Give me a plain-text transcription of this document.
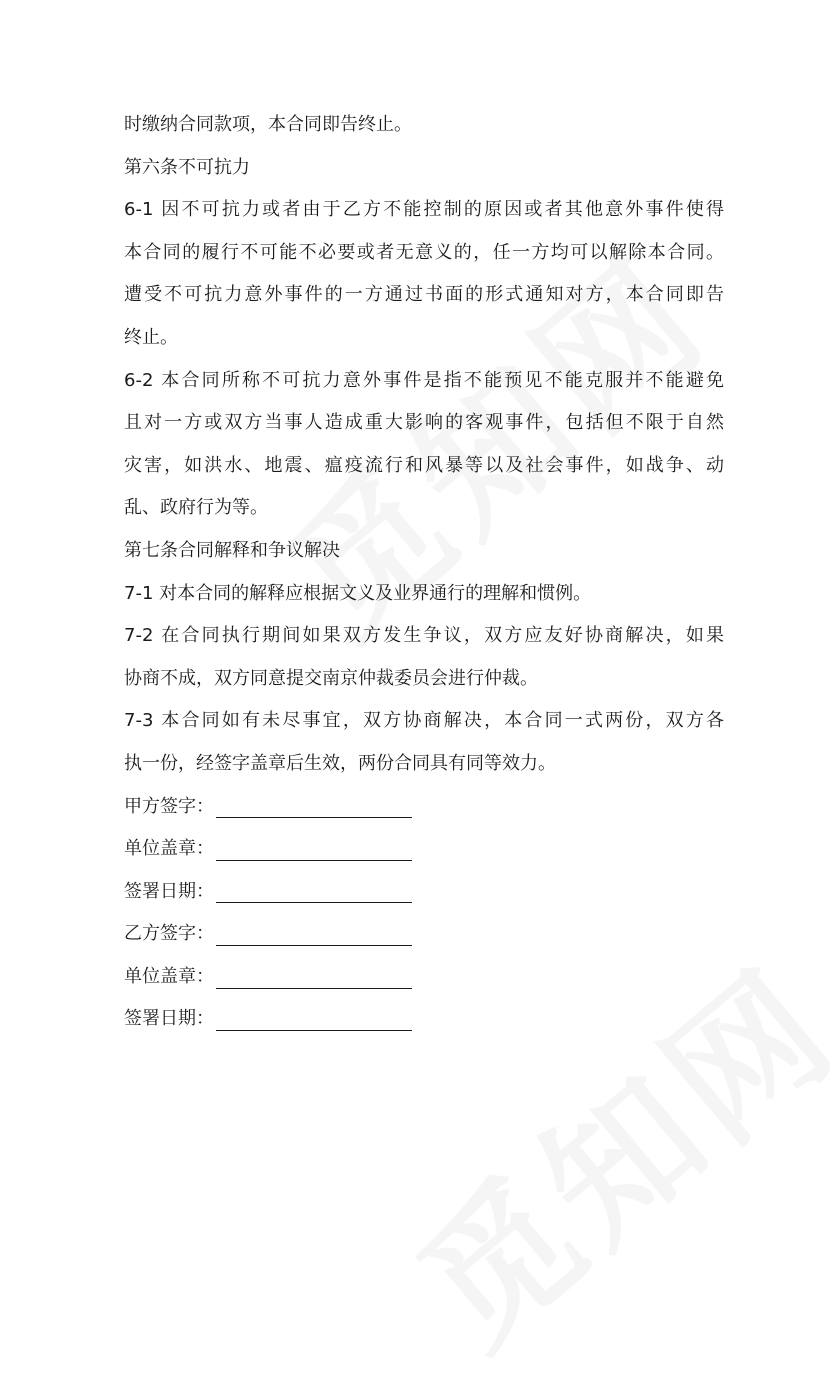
时缴纳合同款项，本合同即告终止。

第六条不可抗力

6-1 因不可抗力或者由于乙方不能控制的原因或者其他意外事件使得

本合同的履行不可能不必要或者无意义的，任一方均可以解除本合同。

遭受不可抗力意外事件的一方通过书面的形式通知对方，本合同即告

终止。

6-2 本合同所称不可抗力意外事件是指不能预见不能克服并不能避免

且对一方或双方当事人造成重大影响的客观事件，包括但不限于自然

灾害，如洪水、地震、瘟疫流行和风暴等以及社会事件，如战争、动

乱、政府行为等。

第七条合同解释和争议解决

7-1 对本合同的解释应根据文义及业界通行的理解和惯例。

7-2 在合同执行期间如果双方发生争议，双方应友好协商解决，如果

协商不成，双方同意提交南京仲裁委员会进行仲裁。

7-3 本合同如有未尽事宜，双方协商解决，本合同一式两份，双方各

执一份，经签字盖章后生效，两份合同具有同等效力。

甲方签字：
单位盖章：
签署日期：
乙方签字：
单位盖章：
签署日期：
